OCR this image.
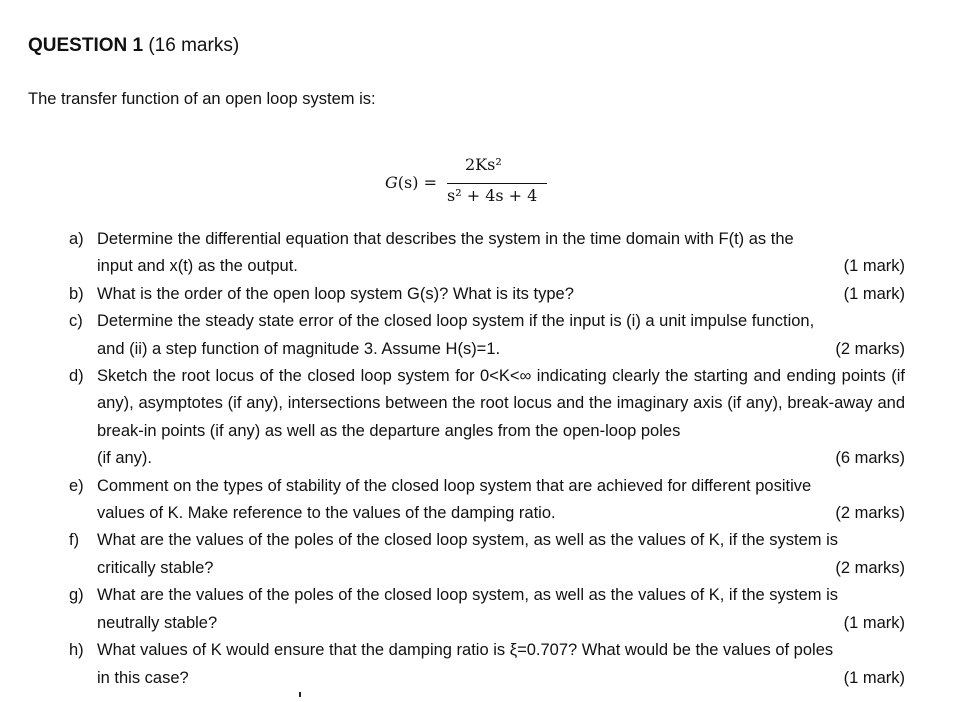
QUESTION 1 (16 marks)
The transfer function of an open loop system is:
G(s) =
2Ks²
s² + 4s + 4
a) Determine the differential equation that describes the system in the time domain with F(t) as the
input and x(t) as the output.	(1 mark)
b) What is the order of the open loop system G(s)? What is its type?	(1 mark)
c) Determine the steady state error of the closed loop system if the input is (i) a unit impulse function,
and (ii) a step function of magnitude 3. Assume H(s)=1.	(2 marks)
d) Sketch the root locus of the closed loop system for 0<K<∞ indicating clearly the starting and ending points (if any), asymptotes (if any), intersections between the root locus and the imaginary axis (if any), break-away and break-in points (if any) as well as the departure angles from the open-loop poles
(if any).	(6 marks)
e) Comment on the types of stability of the closed loop system that are achieved for different positive
values of K. Make reference to the values of the damping ratio.	(2 marks)
f) What are the values of the poles of the closed loop system, as well as the values of K, if the system is
critically stable?	(2 marks)
g) What are the values of the poles of the closed loop system, as well as the values of K, if the system is
neutrally stable?	(1 mark)
h) What values of K would ensure that the damping ratio is ξ=0.707? What would be the values of poles
in this case?	(1 mark)
